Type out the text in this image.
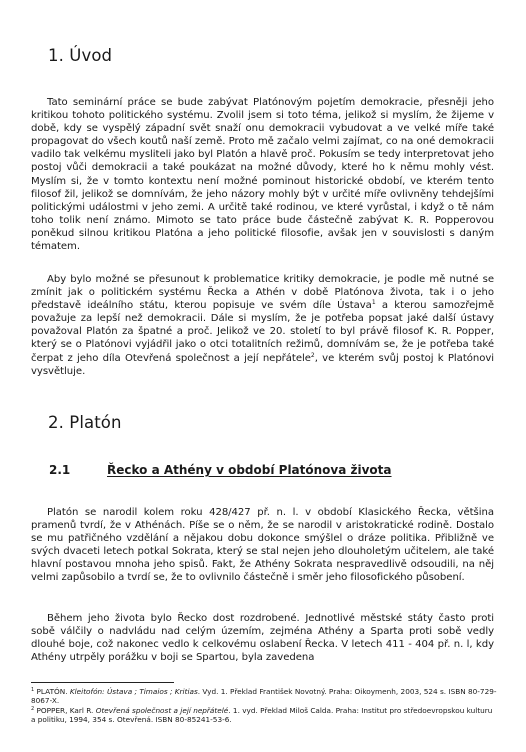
1. Úvod

Tato seminární práce se bude zabývat Platónovým pojetím demokracie, přesněji jeho kritikou tohoto politického systému. Zvolil jsem si toto téma, jelikož si myslím, že žijeme v době, kdy se vyspělý západní svět snaží onu demokracii vybudovat a ve velké míře také propagovat do všech koutů naší země. Proto mě začalo velmi zajímat, co na oné demokracii vadilo tak velkému mysliteli jako byl Platón a hlavě proč. Pokusím se tedy interpretovat jeho postoj vůči demokracii a také poukázat na možné důvody, které ho k němu mohly vést. Myslím si, že v tomto kontextu není možné pominout historické období, ve kterém tento filosof žil, jelikož se domnívám, že jeho názory mohly být v určité míře ovlivněny tehdejšími politickými událostmi v jeho zemi. A určitě také rodinou, ve které vyrůstal, i když o tě nám toho tolik není známo. Mimoto se tato práce bude částečně zabývat K. R. Popperovou poněkud silnou kritikou Platóna a jeho politické filosofie, avšak jen v souvislosti s daným tématem.

Aby bylo možné se přesunout k problematice kritiky demokracie, je podle mě nutné se zmínit jak o politickém systému Řecka a Athén v době Platónova života, tak i o jeho představě ideálního státu, kterou popisuje ve svém díle Ústava$^1$ a kterou samozřejmě považuje za lepší než demokracii. Dále si myslím, že je potřeba popsat jaké další ústavy považoval Platón za špatné a proč. Jelikož ve 20. století to byl právě filosof K. R. Popper, který se o Platónovi vyjádřil jako o otci totalitních režimů, domnívám se, že je potřeba také čerpat z jeho díla Otevřená společnost a její nepřátele$^2$, ve kterém svůj postoj k Platónovi vysvětluje.

2. Platón
2.1	Řecko a Athény v období Platónova života

Platón se narodil kolem roku 428/427 př. n. l. v období Klasického Řecka, většina pramenů tvrdí, že v Athénách. Píše se o něm, že se narodil v aristokratické rodině. Dostalo se mu patřičného vzdělání a nějakou dobu dokonce smýšlel o dráze politika. Přibližně ve svých dvaceti letech potkal Sokrata, který se stal nejen jeho dlouholetým učitelem, ale také hlavní postavou mnoha jeho spisů. Fakt, že Athény Sokrata nespravedlivě odsoudili, na něj velmi zapůsobilo a tvrdí se, že to ovlivnilo částečně i směr jeho filosofického působení.

Během jeho života bylo Řecko dost rozdrobené. Jednotlivé městské státy často proti sobě válčily o nadvládu nad celým územím, zejména Athény a Sparta proti sobě vedly dlouhé boje, což nakonec vedlo k celkovému oslabení Řecka. V letech 411 - 404 př. n. l, kdy Athény utrpěly porážku v boji se Spartou, byla zavedena

$^1$ PLATÓN. Kleitofón: Ústava ; Timaios ; Kritias. Vyd. 1. Překlad František Novotný. Praha: Oikoymenh, 2003, 524 s. ISBN 80-729-8067-X.

$^2$ POPPER, Karl R. Otevřená společnost a její nepřátelé. 1. vyd. Překlad Miloš Calda. Praha: Institut pro středoevropskou kulturu a politiku, 1994, 354 s. Otevřená. ISBN 80-85241-53-6.
